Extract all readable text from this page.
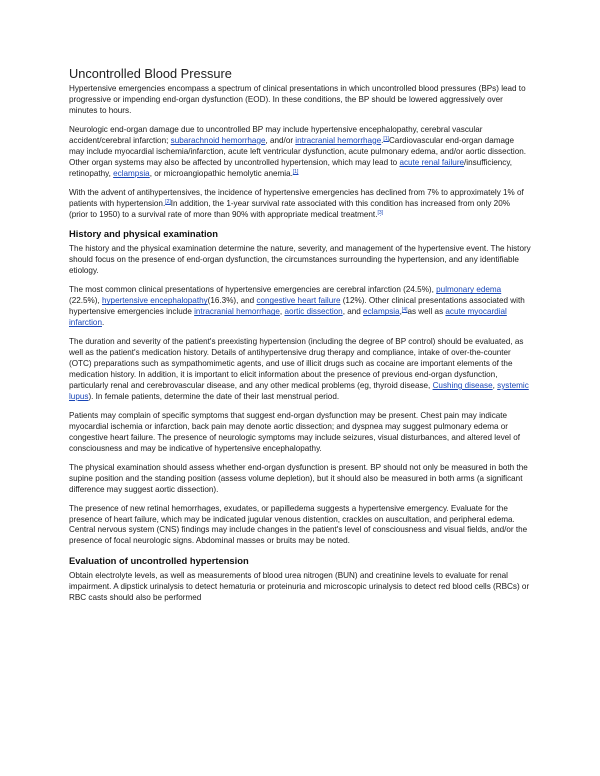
Uncontrolled Blood Pressure

Hypertensive emergencies encompass a spectrum of clinical presentations in which uncontrolled blood pressures (BPs) lead to progressive or impending end-organ dysfunction (EOD). In these conditions, the BP should be lowered aggressively over minutes to hours.

Neurologic end-organ damage due to uncontrolled BP may include hypertensive encephalopathy, cerebral vascular accident/cerebral infarction; subarachnoid hemorrhage, and/or intracranial hemorrhage.[1]Cardiovascular end-organ damage may include myocardial ischemia/infarction, acute left ventricular dysfunction, acute pulmonary edema, and/or aortic dissection. Other organ systems may also be affected by uncontrolled hypertension, which may lead to acute renal failure/insufficiency, retinopathy, eclampsia, or microangiopathic hemolytic anemia.[1]

With the advent of antihypertensives, the incidence of hypertensive emergencies has declined from 7% to approximately 1% of patients with hypertension.[2]In addition, the 1-year survival rate associated with this condition has increased from only 20% (prior to 1950) to a survival rate of more than 90% with appropriate medical treatment.[3]

History and physical examination

The history and the physical examination determine the nature, severity, and management of the hypertensive event. The history should focus on the presence of end-organ dysfunction, the circumstances surrounding the hypertension, and any identifiable etiology.

The most common clinical presentations of hypertensive emergencies are cerebral infarction (24.5%), pulmonary edema (22.5%), hypertensive encephalopathy(16.3%), and congestive heart failure (12%). Other clinical presentations associated with hypertensive emergencies include intracranial hemorrhage, aortic dissection, and eclampsia,[4]as well as acute myocardial infarction.

The duration and severity of the patient's preexisting hypertension (including the degree of BP control) should be evaluated, as well as the patient's medication history. Details of antihypertensive drug therapy and compliance, intake of over-the-counter (OTC) preparations such as sympathomimetic agents, and use of illicit drugs such as cocaine are important elements of the medication history. In addition, it is important to elicit information about the presence of previous end-organ dysfunction, particularly renal and cerebrovascular disease, and any other medical problems (eg, thyroid disease, Cushing disease, systemic lupus). In female patients, determine the date of their last menstrual period.

Patients may complain of specific symptoms that suggest end-organ dysfunction may be present. Chest pain may indicate myocardial ischemia or infarction, back pain may denote aortic dissection; and dyspnea may suggest pulmonary edema or congestive heart failure. The presence of neurologic symptoms may include seizures, visual disturbances, and altered level of consciousness and may be indicative of hypertensive encephalopathy.

The physical examination should assess whether end-organ dysfunction is present. BP should not only be measured in both the supine position and the standing position (assess volume depletion), but it should also be measured in both arms (a significant difference may suggest aortic dissection).

The presence of new retinal hemorrhages, exudates, or papilledema suggests a hypertensive emergency. Evaluate for the presence of heart failure, which may be indicated jugular venous distention, crackles on auscultation, and peripheral edema. Central nervous system (CNS) findings may include changes in the patient's level of consciousness and visual fields, and/or the presence of focal neurologic signs. Abdominal masses or bruits may be noted.

Evaluation of uncontrolled hypertension

Obtain electrolyte levels, as well as measurements of blood urea nitrogen (BUN) and creatinine levels to evaluate for renal impairment. A dipstick urinalysis to detect hematuria or proteinuria and microscopic urinalysis to detect red blood cells (RBCs) or RBC casts should also be performed
